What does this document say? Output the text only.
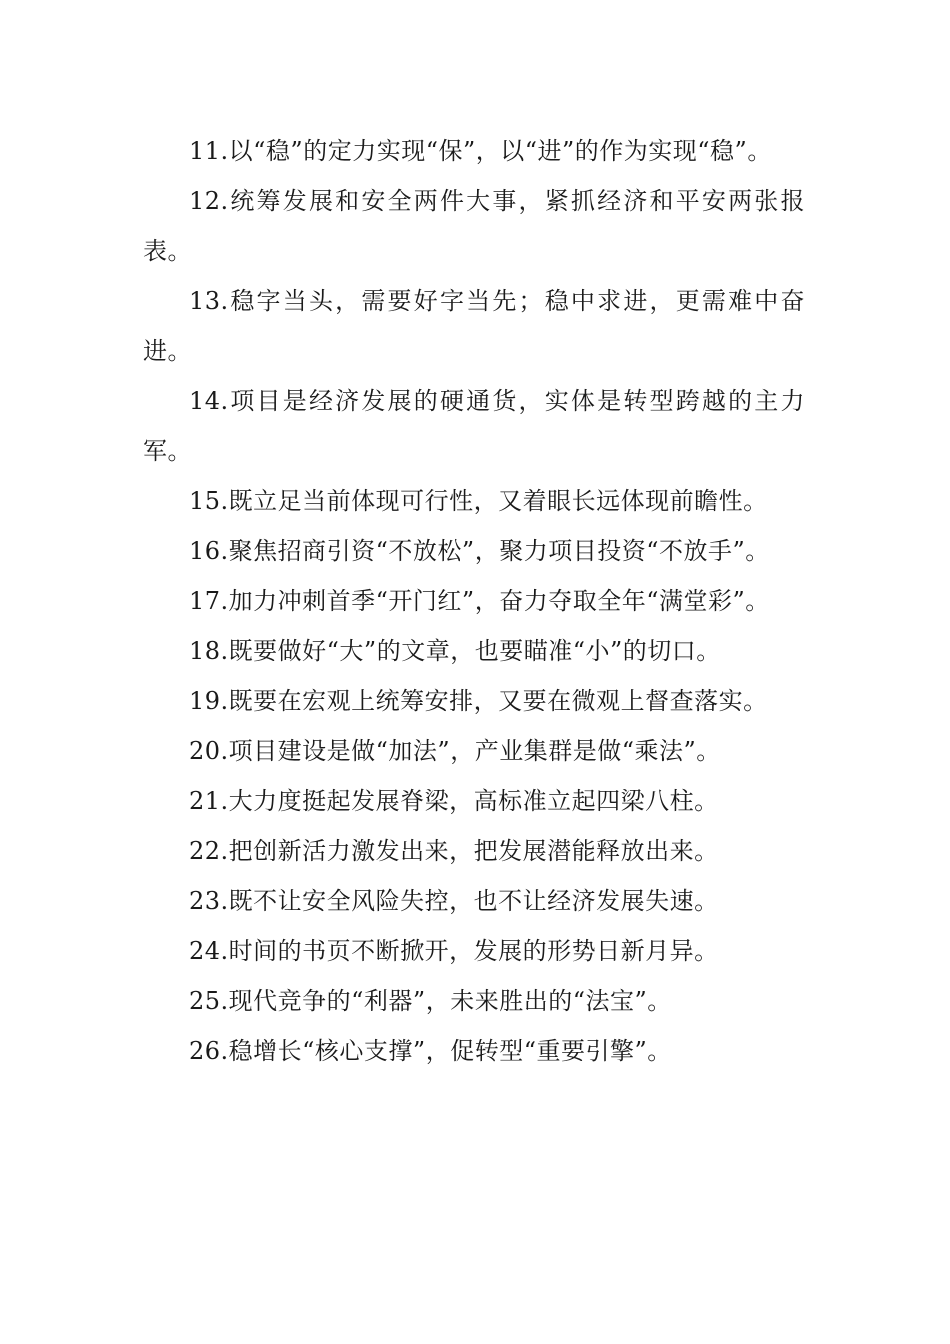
11.以“稳”的定力实现“保”，以“进”的作为实现“稳”。

12.统筹发展和安全两件大事，紧抓经济和平安两张报表。

13.稳字当头，需要好字当先；稳中求进，更需难中奋进。

14.项目是经济发展的硬通货，实体是转型跨越的主力军。

15.既立足当前体现可行性，又着眼长远体现前瞻性。

16.聚焦招商引资“不放松”，聚力项目投资“不放手”。

17.加力冲刺首季“开门红”，奋力夺取全年“满堂彩”。

18.既要做好“大”的文章，也要瞄准“小”的切口。

19.既要在宏观上统筹安排，又要在微观上督查落实。

20.项目建设是做“加法”，产业集群是做“乘法”。

21.大力度挺起发展脊梁，高标准立起四梁八柱。

22.把创新活力激发出来，把发展潜能释放出来。

23.既不让安全风险失控，也不让经济发展失速。

24.时间的书页不断掀开，发展的形势日新月异。

25.现代竞争的“利器”，未来胜出的“法宝”。

26.稳增长“核心支撑”，促转型“重要引擎”。
